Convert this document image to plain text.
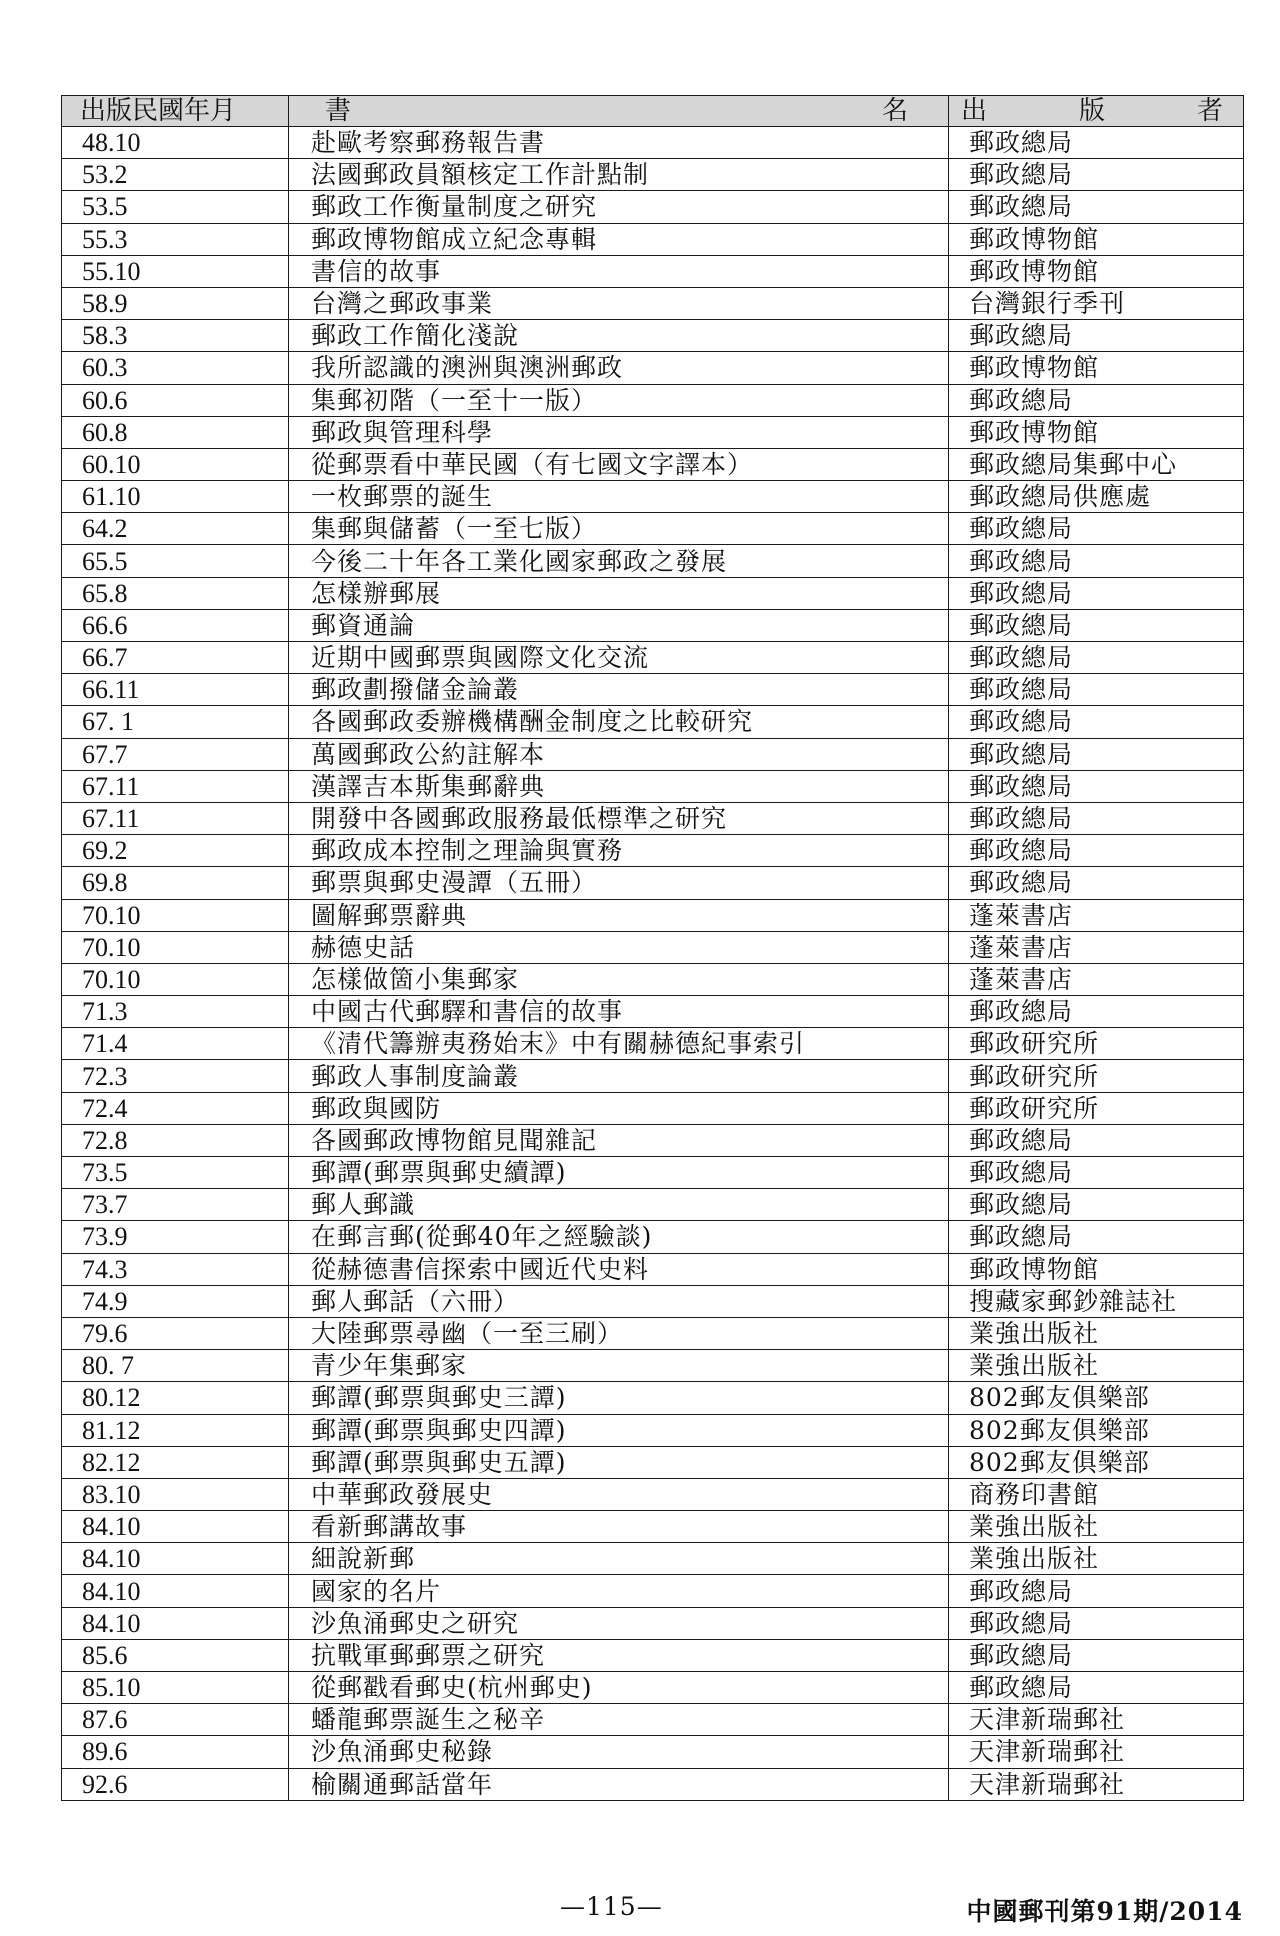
出版民國年月	書 名	出 版 者

48.10	赴歐考察郵務報告書	郵政總局
53.2	法國郵政員額核定工作計點制	郵政總局
53.5	郵政工作衡量制度之研究	郵政總局
55.3	郵政博物館成立紀念專輯	郵政博物館
55.10	書信的故事	郵政博物館
58.9	台灣之郵政事業	台灣銀行季刊
58.3	郵政工作簡化淺說	郵政總局
60.3	我所認識的澳洲與澳洲郵政	郵政博物館
60.6	集郵初階（一至十一版）	郵政總局
60.8	郵政與管理科學	郵政博物館
60.10	從郵票看中華民國（有七國文字譯本）	郵政總局集郵中心
61.10	一枚郵票的誕生	郵政總局供應處
64.2	集郵與儲蓄（一至七版）	郵政總局
65.5	今後二十年各工業化國家郵政之發展	郵政總局
65.8	怎樣辦郵展	郵政總局
66.6	郵資通論	郵政總局
66.7	近期中國郵票與國際文化交流	郵政總局
66.11	郵政劃撥儲金論叢	郵政總局
67. 1	各國郵政委辦機構酬金制度之比較研究	郵政總局
67.7	萬國郵政公約註解本	郵政總局
67.11	漢譯吉本斯集郵辭典	郵政總局
67.11	開發中各國郵政服務最低標準之研究	郵政總局
69.2	郵政成本控制之理論與實務	郵政總局
69.8	郵票與郵史漫譚（五冊）	郵政總局
70.10	圖解郵票辭典	蓬萊書店
70.10	赫德史話	蓬萊書店
70.10	怎樣做箇小集郵家	蓬萊書店
71.3	中國古代郵驛和書信的故事	郵政總局
71.4	《清代籌辦夷務始末》中有關赫德紀事索引	郵政研究所
72.3	郵政人事制度論叢	郵政研究所
72.4	郵政與國防	郵政研究所
72.8	各國郵政博物館見聞雜記	郵政總局
73.5	郵譚(郵票與郵史續譚)	郵政總局
73.7	郵人郵識	郵政總局
73.9	在郵言郵(從郵40年之經驗談)	郵政總局
74.3	從赫德書信探索中國近代史料	郵政博物館
74.9	郵人郵話（六冊）	搜藏家郵鈔雜誌社
79.6	大陸郵票尋幽（一至三刷）	業強出版社
80. 7	青少年集郵家	業強出版社
80.12	郵譚(郵票與郵史三譚)	802郵友俱樂部
81.12	郵譚(郵票與郵史四譚)	802郵友俱樂部
82.12	郵譚(郵票與郵史五譚)	802郵友俱樂部
83.10	中華郵政發展史	商務印書館
84.10	看新郵講故事	業強出版社
84.10	細說新郵	業強出版社
84.10	國家的名片	郵政總局
84.10	沙魚涌郵史之研究	郵政總局
85.6	抗戰軍郵郵票之研究	郵政總局
85.10	從郵戳看郵史(杭州郵史)	郵政總局
87.6	蟠龍郵票誕生之秘辛	天津新瑞郵社
89.6	沙魚涌郵史秘錄	天津新瑞郵社
92.6	榆關通郵話當年	天津新瑞郵社
—115—	中國郵刊第91期/2014
